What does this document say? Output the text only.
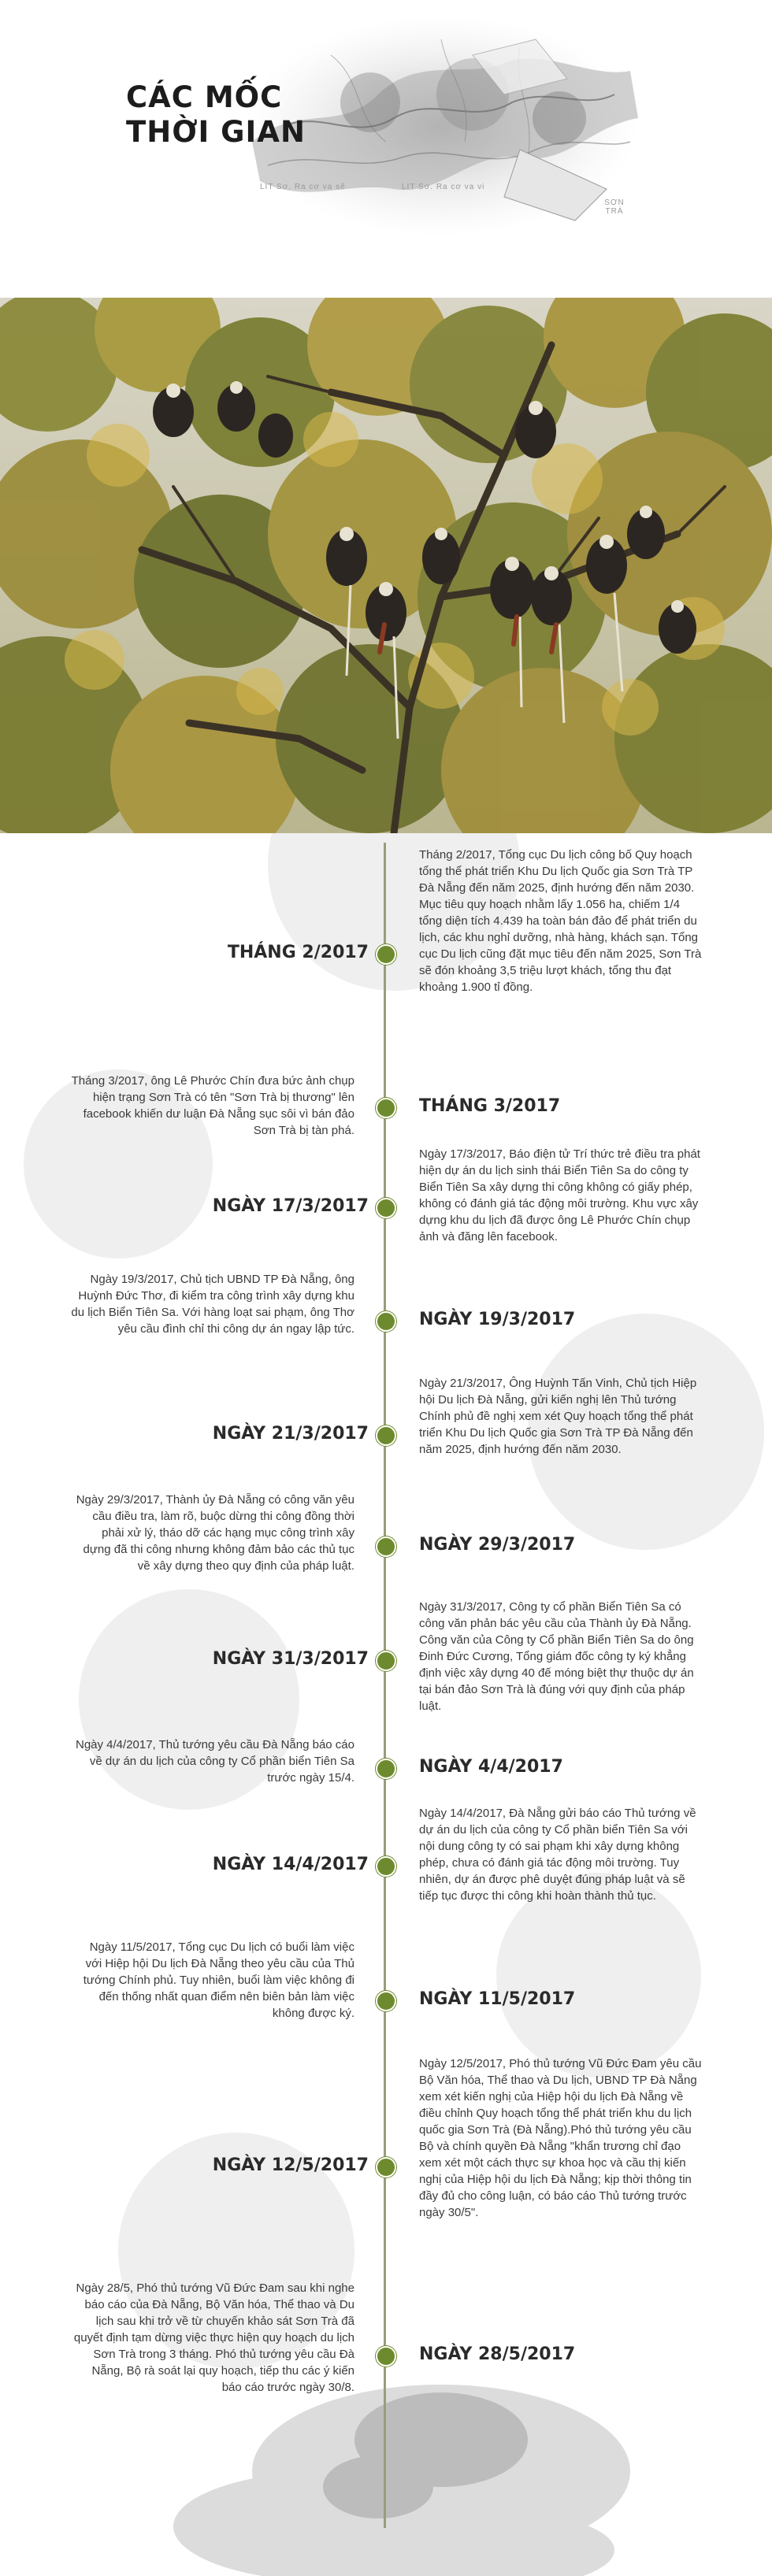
CÁC MỐC
THỜI GIAN
LIT Sơ. Ra cơ va sẽ	LIT Sơ. Ra cơ va vi
SƠN TRÀ
Tháng 2/2017, Tổng cục Du lịch công bố Quy hoạch tổng thể phát triển Khu Du lịch Quốc gia Sơn Trà TP Đà Nẵng đến năm 2025, định hướng đến năm 2030. Mục tiêu quy hoạch nhằm lấy 1.056 ha, chiếm 1/4 tổng diện tích 4.439 ha toàn bán đảo để phát triển du lịch, các khu nghỉ dưỡng, nhà hàng, khách sạn. Tổng cục Du lịch cũng đặt mục tiêu đến năm 2025, Sơn Trà sẽ đón khoảng 3,5 triệu lượt khách, tổng thu đạt khoảng 1.900 tỉ đồng.
THÁNG 2/2017
Tháng 3/2017, ông Lê Phước Chín đưa bức ảnh chụp hiện trạng Sơn Trà có tên "Sơn Trà bị thương" lên facebook khiến dư luận Đà Nẵng sục sôi vì bán đảo Sơn Trà bị tàn phá.
THÁNG 3/2017
Ngày 17/3/2017, Báo điện tử Trí thức trẻ điều tra phát hiện dự án du lịch sinh thái Biển Tiên Sa do công ty Biển Tiên Sa xây dựng thi công không có giấy phép, không có đánh giá tác động môi trường. Khu vực xây dựng khu du lịch đã được ông Lê Phước Chín chụp ảnh và đăng lên facebook.
NGÀY 17/3/2017
Ngày 19/3/2017, Chủ tịch UBND TP Đà Nẵng, ông Huỳnh Đức Thơ, đi kiểm tra công trình xây dựng khu du lịch Biển Tiên Sa. Với hàng loạt sai phạm, ông Thơ yêu cầu đình chỉ thi công dự án ngay lập tức.	NGÀY 19/3/2017
Ngày 21/3/2017, Ông Huỳnh Tấn Vinh, Chủ tịch Hiệp hội Du lịch Đà Nẵng, gửi kiến nghị lên Thủ tướng Chính phủ đề nghị xem xét Quy hoạch tổng thể phát triển Khu Du lịch Quốc gia Sơn Trà TP Đà Nẵng đến năm 2025, định hướng đến năm 2030.
NGÀY 21/3/2017
Ngày 29/3/2017, Thành ủy Đà Nẵng có công văn yêu cầu điều tra, làm rõ, buộc dừng thi công đồng thời phải xử lý, tháo dỡ các hạng mục công trình xây dựng đã thi công nhưng không đảm bảo các thủ tục về xây dựng theo quy định của pháp luật.
NGÀY 29/3/2017
Ngày 31/3/2017, Công ty cổ phần Biển Tiên Sa có công văn phản bác yêu cầu của Thành ủy Đà Nẵng. Công văn của Công ty Cổ phần Biển Tiên Sa do ông Đinh Đức Cương, Tổng giám đốc công ty ký khẳng định việc xây dựng 40 đế móng biệt thự thuộc dự án tại bán đảo Sơn Trà là đúng với quy định của pháp luật.
NGÀY 31/3/2017
Ngày 4/4/2017, Thủ tướng yêu cầu Đà Nẵng báo cáo về dự án du lịch của công ty Cổ phần biển Tiên Sa trước ngày 15/4.
NGÀY 4/4/2017
Ngày 14/4/2017, Đà Nẵng gửi báo cáo Thủ tướng về dự án du lịch của công ty Cổ phần biển Tiên Sa với nội dung công ty có sai phạm khi xây dựng không phép, chưa có đánh giá tác động môi trường. Tuy nhiên, dự án được phê duyệt đúng pháp luật và sẽ tiếp tục được thi công khi hoàn thành thủ tục.
NGÀY 14/4/2017
Ngày 11/5/2017, Tổng cục Du lịch có buổi làm việc với Hiệp hội Du lịch Đà Nẵng theo yêu cầu của Thủ tướng Chính phủ. Tuy nhiên, buổi làm việc không đi đến thống nhất quan điểm nên biên bản làm việc không được ký.
NGÀY 11/5/2017
Ngày 12/5/2017, Phó thủ tướng Vũ Đức Đam yêu cầu Bộ Văn hóa, Thể thao và Du lịch, UBND TP Đà Nẵng xem xét kiến nghị của Hiệp hội du lịch Đà Nẵng về điều chỉnh Quy hoạch tổng thể phát triển khu du lịch quốc gia Sơn Trà (Đà Nẵng).Phó thủ tướng yêu cầu Bộ và chính quyền Đà Nẵng "khẩn trương chỉ đạo xem xét một cách thực sự khoa học và cầu thị kiến nghị của Hiệp hội du lịch Đà Nẵng; kịp thời thông tin đầy đủ cho công luận, có báo cáo Thủ tướng trước ngày 30/5".
NGÀY 12/5/2017
Ngày 28/5, Phó thủ tướng Vũ Đức Đam sau khi nghe báo cáo của Đà Nẵng, Bộ Văn hóa, Thể thao và Du lịch sau khi trở về từ chuyến khảo sát Sơn Trà đã quyết định tạm dừng việc thực hiện quy hoạch du lịch Sơn Trà trong 3 tháng. Phó thủ tướng yêu cầu Đà Nẵng, Bộ rà soát lại quy hoạch, tiếp thu các ý kiến báo cáo trước ngày 30/8.
NGÀY 28/5/2017
